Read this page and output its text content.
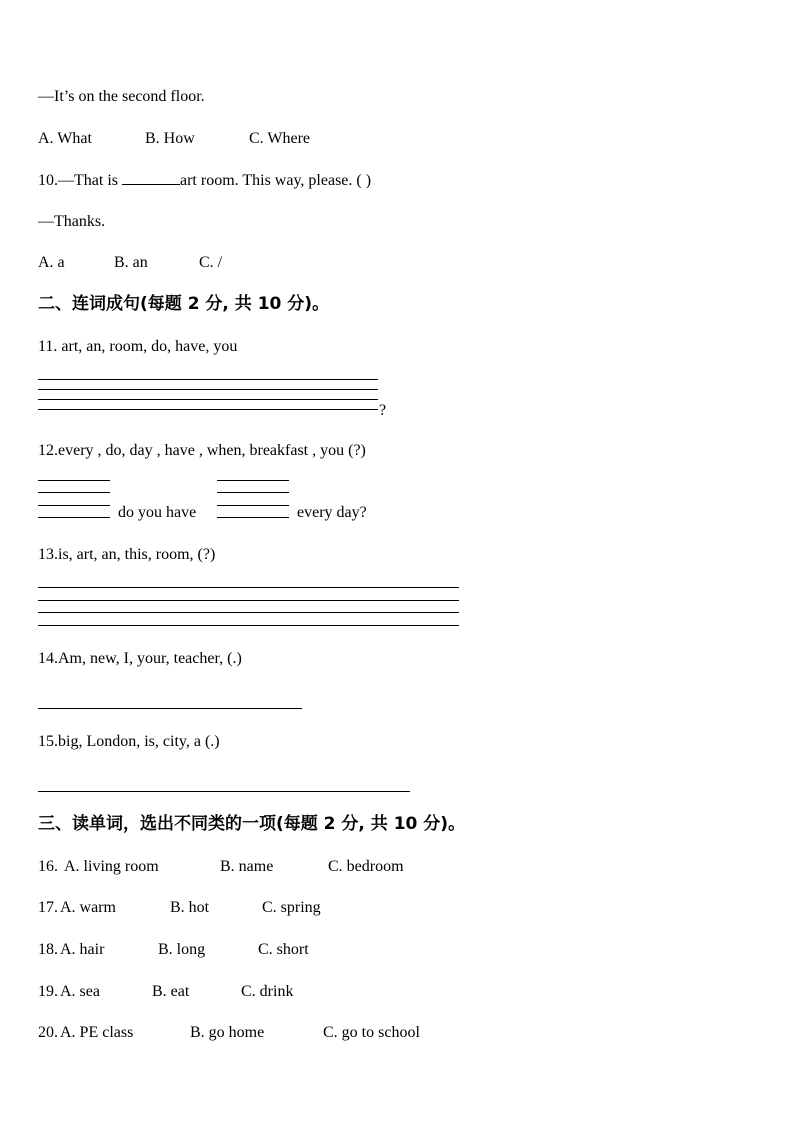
—It’s on the second floor.
A. What	B. How	C. Where
10.—That is	art room. This way, please. ( )
—Thanks.
A. a	B. an	C. /
二、连词成句(每题 2 分, 共 10 分)。
11. art, an, room, do, have, you
?
12.every , do, day , have , when, breakfast , you (?)
do you have	every day?
13.is, art, an, this, room, (?)
14.Am, new, I, your, teacher, (.)
15.big, London, is, city, a (.)
三、读单词，选出不同类的一项(每题 2 分, 共 10 分)。
16. A. living room	B. name	C. bedroom
17. A. warm	B. hot	C. spring
18. A. hair	B. long	C. short
19. A. sea	B. eat	C. drink
20. A. PE class	B. go home	C. go to school
